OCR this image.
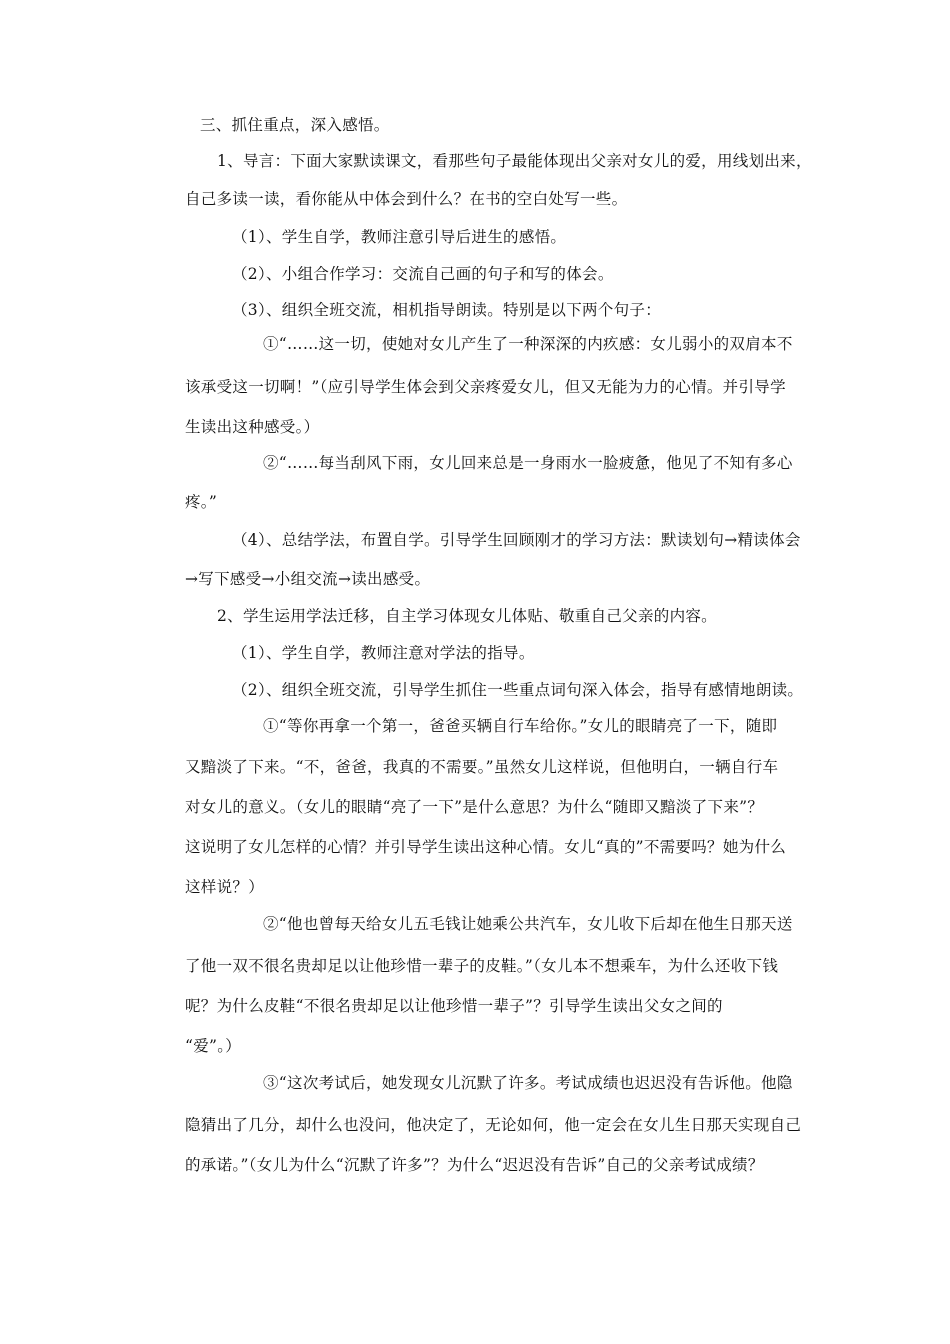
三、抓住重点，深入感悟。
1、导言：下面大家默读课文，看那些句子最能体现出父亲对女儿的爱，用线划出来，
自己多读一读，看你能从中体会到什么？在书的空白处写一些。
（1）、学生自学，教师注意引导后进生的感悟。
（2）、小组合作学习：交流自己画的句子和写的体会。
（3）、组织全班交流，相机指导朗读。特别是以下两个句子：
①“……这一切，使她对女儿产生了一种深深的内疚感：女儿弱小的双肩本不
该承受这一切啊！”（应引导学生体会到父亲疼爱女儿，但又无能为力的心情。并引导学
生读出这种感受。）
②“……每当刮风下雨，女儿回来总是一身雨水一脸疲惫，他见了不知有多心
疼。”
（4）、总结学法，布置自学。引导学生回顾刚才的学习方法：默读划句→精读体会
→写下感受→小组交流→读出感受。
2、学生运用学法迁移，自主学习体现女儿体贴、敬重自己父亲的内容。
（1）、学生自学，教师注意对学法的指导。
（2）、组织全班交流，引导学生抓住一些重点词句深入体会，指导有感情地朗读。
①“等你再拿一个第一，爸爸买辆自行车给你。”女儿的眼睛亮了一下，随即
又黯淡了下来。“不，爸爸，我真的不需要。”虽然女儿这样说，但他明白，一辆自行车
对女儿的意义。（女儿的眼睛“亮了一下”是什么意思？为什么“随即又黯淡了下来”？
这说明了女儿怎样的心情？并引导学生读出这种心情。女儿“真的”不需要吗？她为什么
这样说？）
②“他也曾每天给女儿五毛钱让她乘公共汽车，女儿收下后却在他生日那天送
了他一双不很名贵却足以让他珍惜一辈子的皮鞋。”（女儿本不想乘车，为什么还收下钱
呢？为什么皮鞋“不很名贵却足以让他珍惜一辈子”？引导学生读出父女之间的
“爱”。）
③“这次考试后，她发现女儿沉默了许多。考试成绩也迟迟没有告诉他。他隐
隐猜出了几分，却什么也没问，他决定了，无论如何，他一定会在女儿生日那天实现自己
的承诺。”（女儿为什么“沉默了许多”？为什么“迟迟没有告诉”自己的父亲考试成绩？
